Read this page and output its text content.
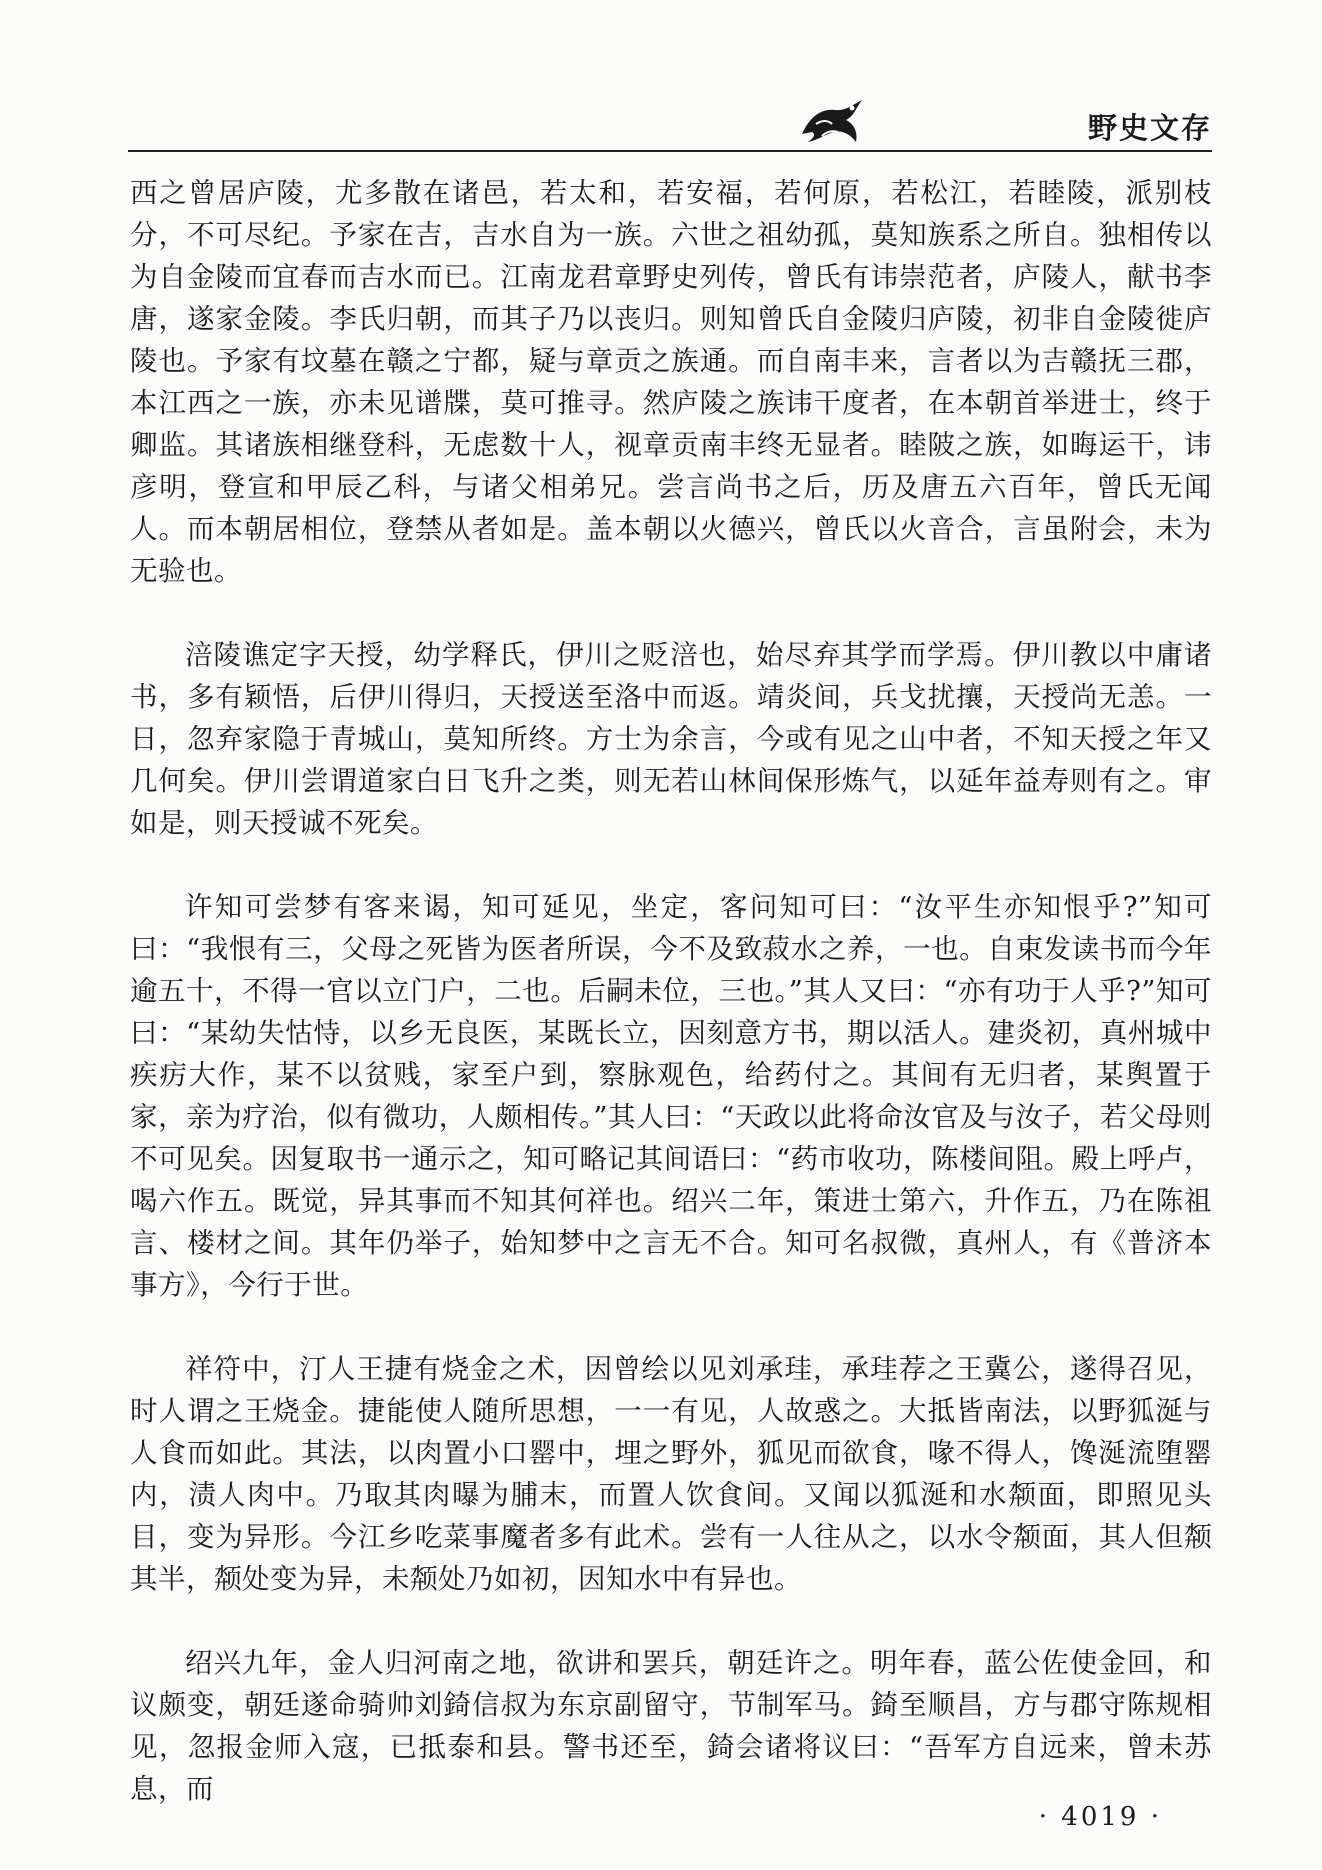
野史文存

西之曾居庐陵，尤多散在诸邑，若太和，若安福，若何原，若松江，若睦陵，派别枝分，不可尽纪。予家在吉，吉水自为一族。六世之祖幼孤，莫知族系之所自。独相传以为自金陵而宜春而吉水而已。江南龙君章野史列传，曾氏有讳崇范者，庐陵人，献书李唐，遂家金陵。李氏归朝，而其子乃以丧归。则知曾氏自金陵归庐陵，初非自金陵徙庐陵也。予家有坟墓在赣之宁都，疑与章贡之族通。而自南丰来，言者以为吉赣抚三郡，本江西之一族，亦未见谱牒，莫可推寻。然庐陵之族讳干度者，在本朝首举进士，终于卿监。其诸族相继登科，无虑数十人，视章贡南丰终无显者。睦陂之族，如晦运干，讳彦明，登宣和甲辰乙科，与诸父相弟兄。尝言尚书之后，历及唐五六百年，曾氏无闻人。而本朝居相位，登禁从者如是。盖本朝以火德兴，曾氏以火音合，言虽附会，未为无验也。

涪陵谯定字天授，幼学释氏，伊川之贬涪也，始尽弃其学而学焉。伊川教以中庸诸书，多有颖悟，后伊川得归，天授送至洛中而返。靖炎间，兵戈扰攘，天授尚无恙。一日，忽弃家隐于青城山，莫知所终。方士为余言，今或有见之山中者，不知天授之年又几何矣。伊川尝谓道家白日飞升之类，则无若山林间保形炼气，以延年益寿则有之。审如是，则天授诚不死矣。

许知可尝梦有客来谒，知可延见，坐定，客问知可曰：“汝平生亦知恨乎?”知可曰：“我恨有三，父母之死皆为医者所误，今不及致菽水之养，一也。自束发读书而今年逾五十，不得一官以立门户，二也。后嗣未位，三也。”其人又曰：“亦有功于人乎?”知可曰：“某幼失怙恃，以乡无良医，某既长立，因刻意方书，期以活人。建炎初，真州城中疾疠大作，某不以贫贱，家至户到，察脉观色，给药付之。其间有无归者，某舆置于家，亲为疗治，似有微功，人颇相传。”其人曰：“天政以此将命汝官及与汝子，若父母则不可见矣。因复取书一通示之，知可略记其间语曰：“药市收功，陈楼间阻。殿上呼卢，喝六作五。既觉，异其事而不知其何祥也。绍兴二年，策进士第六，升作五，乃在陈祖言、楼材之间。其年仍举子，始知梦中之言无不合。知可名叔微，真州人，有《普济本事方》，今行于世。

祥符中，汀人王捷有烧金之术，因曾绘以见刘承珪，承珪荐之王冀公，遂得召见，时人谓之王烧金。捷能使人随所思想，一一有见，人故惑之。大抵皆南法，以野狐涎与人食而如此。其法，以肉置小口罂中，埋之野外，狐见而欲食，喙不得人，馋涎流堕罂内，渍人肉中。乃取其肉曝为脯末，而置人饮食间。又闻以狐涎和水颒面，即照见头目，变为异形。今江乡吃菜事魔者多有此术。尝有一人往从之，以水令颒面，其人但颒其半，颒处变为异，未颒处乃如初，因知水中有异也。

绍兴九年，金人归河南之地，欲讲和罢兵，朝廷许之。明年春，蓝公佐使金回，和议颇变，朝廷遂命骑帅刘錡信叔为东京副留守，节制军马。錡至顺昌，方与郡守陈规相见，忽报金师入寇，已抵泰和县。警书还至，錡会诸将议曰：“吾军方自远来，曾未苏息，而

· 4019 ·
